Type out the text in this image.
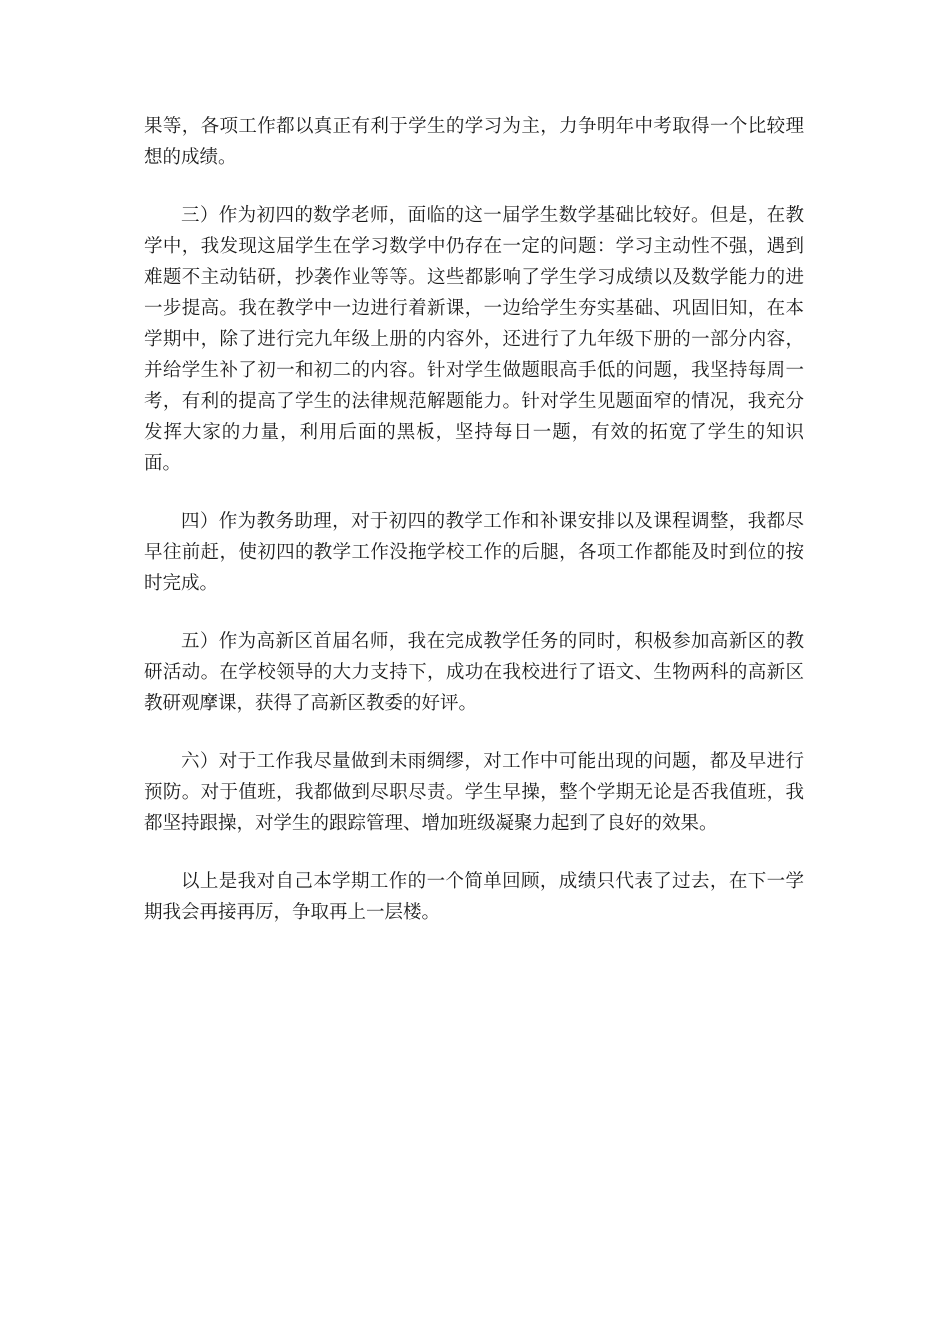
果等，各项工作都以真正有利于学生的学习为主，力争明年中考取得一个比较理想的成绩。

三）作为初四的数学老师，面临的这一届学生数学基础比较好。但是，在教学中，我发现这届学生在学习数学中仍存在一定的问题：学习主动性不强，遇到难题不主动钻研，抄袭作业等等。这些都影响了学生学习成绩以及数学能力的进一步提高。我在教学中一边进行着新课，一边给学生夯实基础、巩固旧知，在本学期中，除了进行完九年级上册的内容外，还进行了九年级下册的一部分内容，并给学生补了初一和初二的内容。针对学生做题眼高手低的问题，我坚持每周一考，有利的提高了学生的法律规范解题能力。针对学生见题面窄的情况，我充分发挥大家的力量，利用后面的黑板，坚持每日一题，有效的拓宽了学生的知识面。

四）作为教务助理，对于初四的教学工作和补课安排以及课程调整，我都尽早往前赶，使初四的教学工作没拖学校工作的后腿，各项工作都能及时到位的按时完成。

五）作为高新区首届名师，我在完成教学任务的同时，积极参加高新区的教研活动。在学校领导的大力支持下，成功在我校进行了语文、生物两科的高新区教研观摩课，获得了高新区教委的好评。

六）对于工作我尽量做到未雨绸缪，对工作中可能出现的问题，都及早进行预防。对于值班，我都做到尽职尽责。学生早操，整个学期无论是否我值班，我都坚持跟操，对学生的跟踪管理、增加班级凝聚力起到了良好的效果。

以上是我对自己本学期工作的一个简单回顾，成绩只代表了过去，在下一学期我会再接再厉，争取再上一层楼。
